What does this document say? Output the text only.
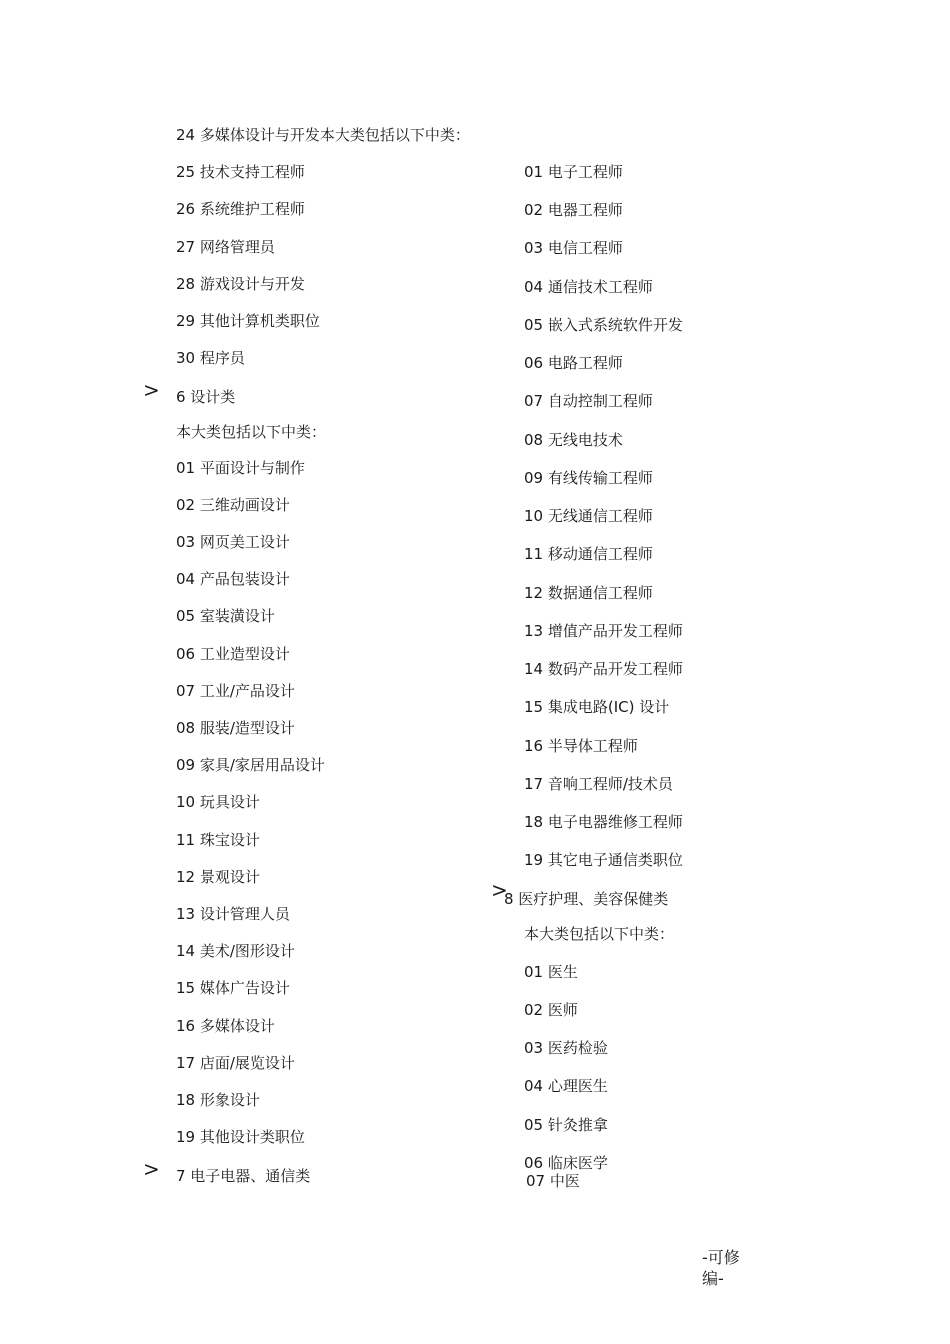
24 多媒体设计与开发本大类包括以下中类：
25 技术支持工程师
26 系统维护工程师
27 网络管理员
28 游戏设计与开发
29 其他计算机类职位
30 程序员
> 6 设计类
本大类包括以下中类：
01 平面设计与制作
02 三维动画设计
03 网页美工设计
04 产品包装设计
05 室装潢设计
06 工业造型设计
07 工业/产品设计
08 服装/造型设计
09 家具/家居用品设计
10 玩具设计
11 珠宝设计
12 景观设计
13 设计管理人员
14 美术/图形设计
15 媒体广告设计
16 多媒体设计
17 店面/展览设计
18 形象设计
19 其他设计类职位
> 7 电子电器、通信类
01 电子工程师
02 电器工程师
03 电信工程师
04 通信技术工程师
05 嵌入式系统软件开发
06 电路工程师
07 自动控制工程师
08 无线电技术
09 有线传输工程师
10 无线通信工程师
11 移动通信工程师
12 数据通信工程师
13 增值产品开发工程师
14 数码产品开发工程师
15 集成电路(IC) 设计
16 半导体工程师
17 音响工程师/技术员
18 电子电器维修工程师
19 其它电子通信类职位
>
8 医疗护理、美容保健类
本大类包括以下中类：
01 医生
02 医师
03 医药检验
04 心理医生
05 针灸推拿
06 临床医学
07 中医
-可修
编-
